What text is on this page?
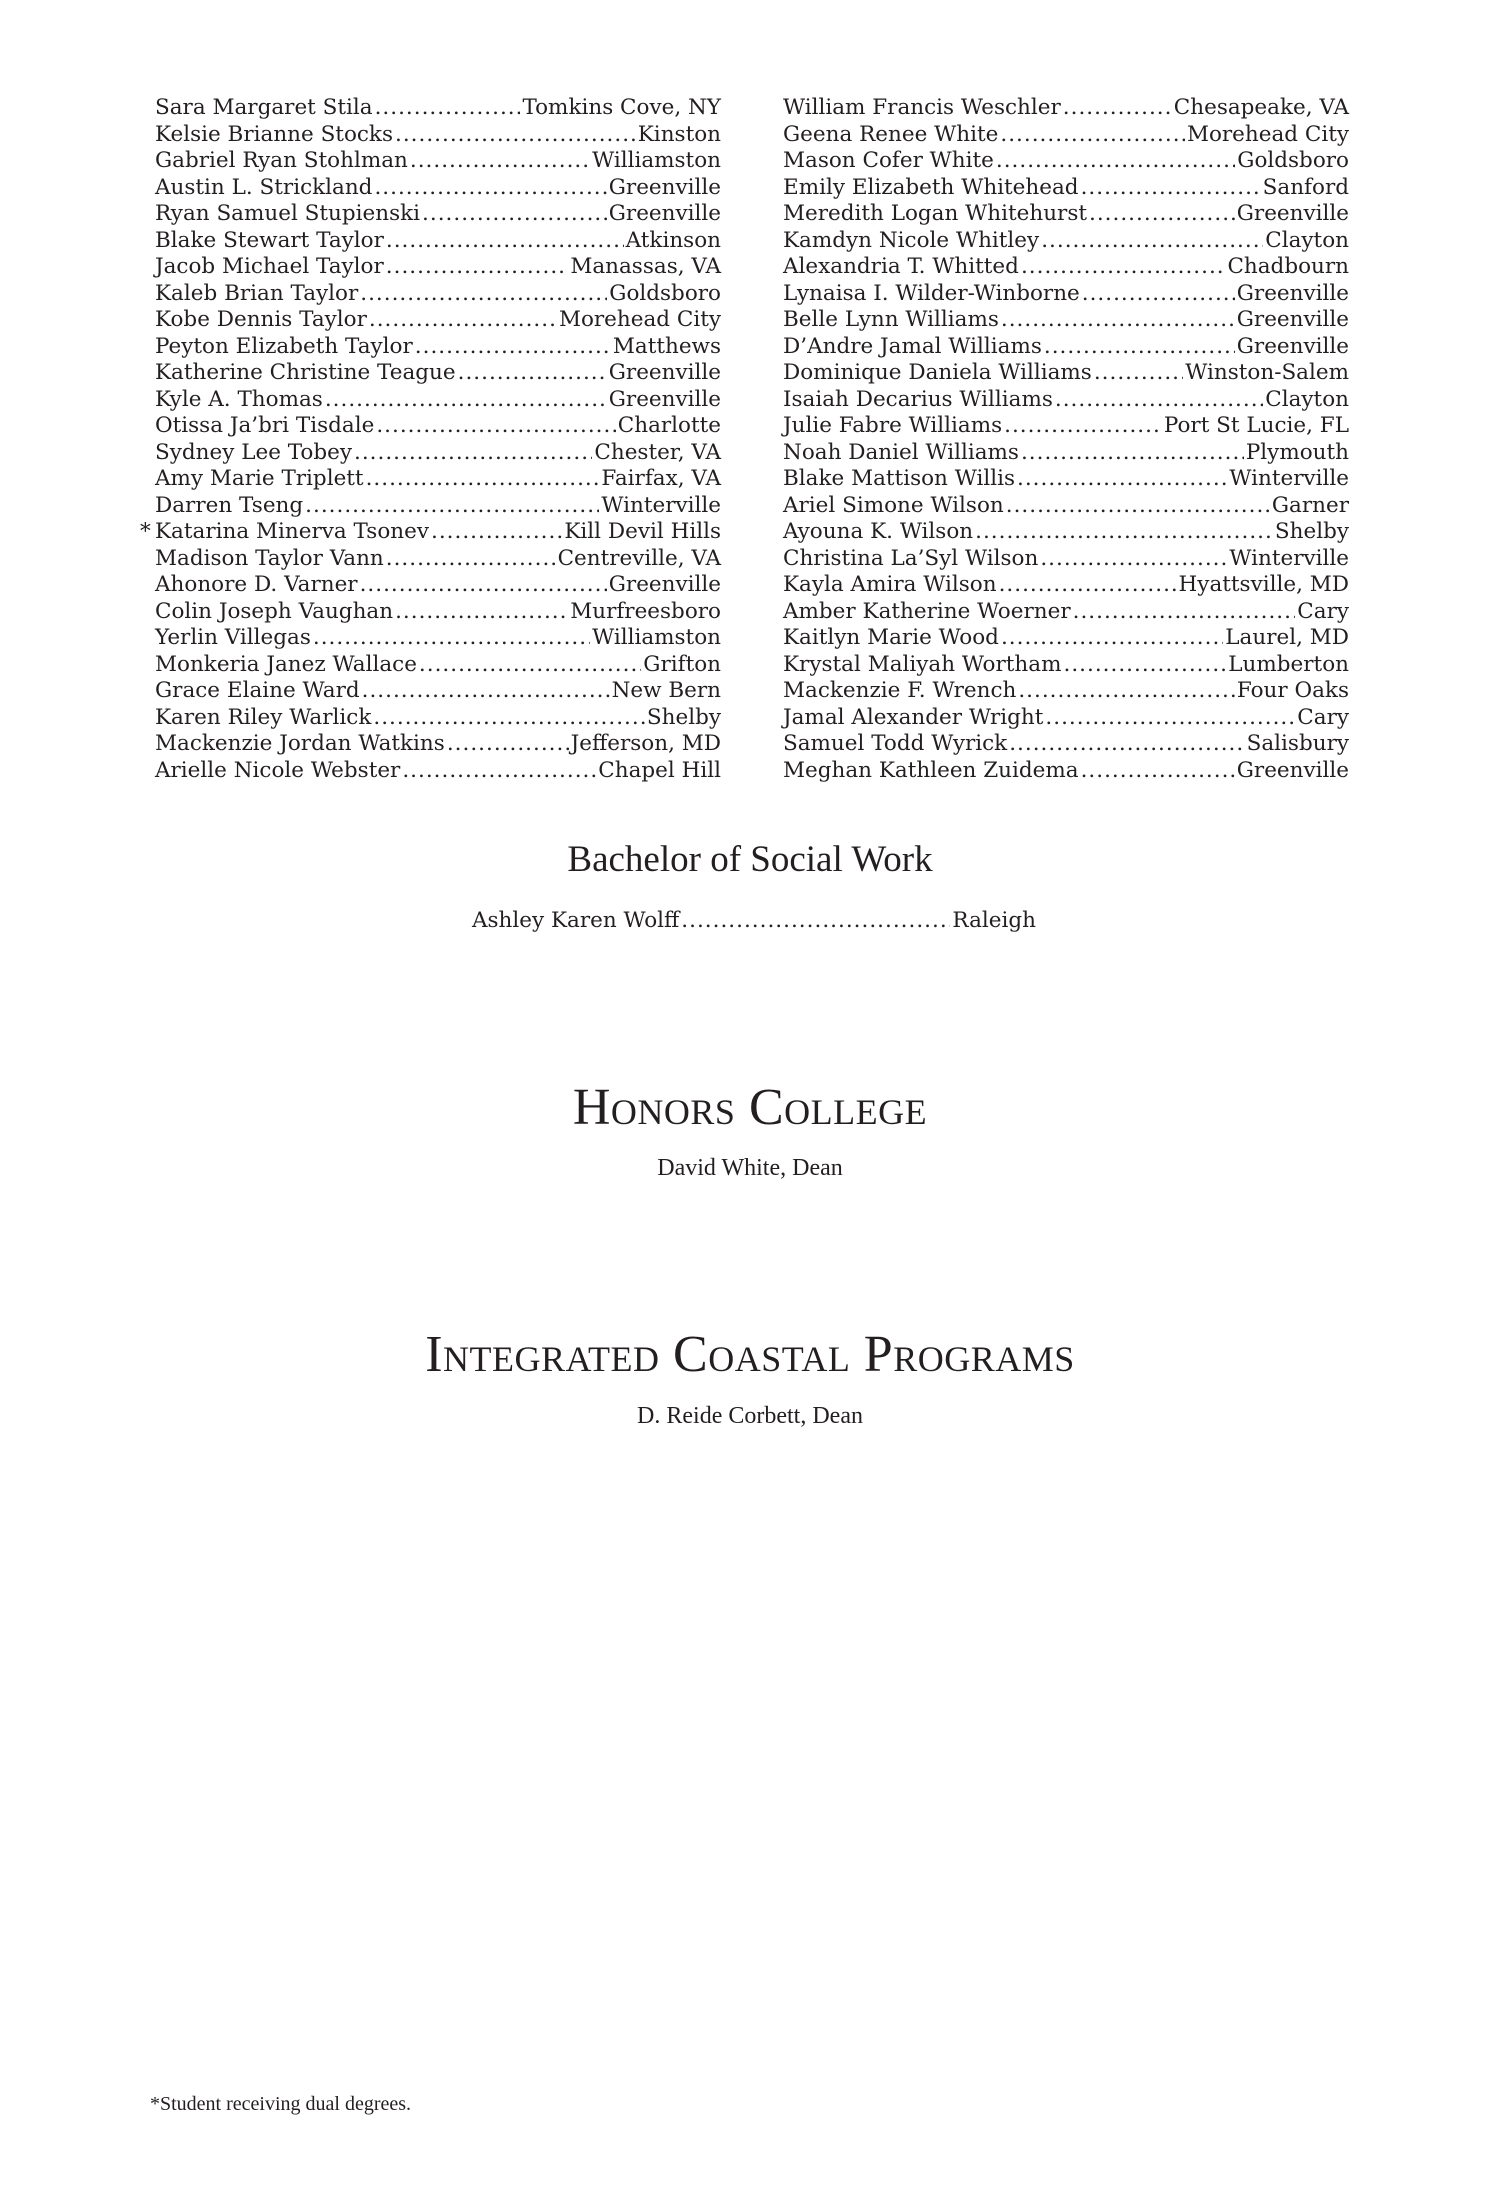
Sara Margaret Stila .....	Tomkins Cove, NY
Kelsie Brianne Stocks .....	Kinston
Gabriel Ryan Stohlman .....	Williamston
Austin L. Strickland .....	Greenville
Ryan Samuel Stupienski .....	Greenville
Blake Stewart Taylor .....	Atkinson
Jacob Michael Taylor .....	Manassas, VA
Kaleb Brian Taylor .....	Goldsboro
Kobe Dennis Taylor .....	Morehead City
Peyton Elizabeth Taylor .....	Matthews
Katherine Christine Teague .....	Greenville
Kyle A. Thomas .....	Greenville
Otissa Ja’bri Tisdale .....	Charlotte
Sydney Lee Tobey .....	Chester, VA
Amy Marie Triplett .....	Fairfax, VA
Darren Tseng .....	Winterville
* Katarina Minerva Tsonev .....	Kill Devil Hills
Madison Taylor Vann .....	Centreville, VA
Ahonore D. Varner .....	Greenville
Colin Joseph Vaughan .....	Murfreesboro
Yerlin Villegas .....	Williamston
Monkeria Janez Wallace .....	Grifton
Grace Elaine Ward .....	New Bern
Karen Riley Warlick .....	Shelby
Mackenzie Jordan Watkins .....	Jefferson, MD
Arielle Nicole Webster .....	Chapel Hill
William Francis Weschler .....	Chesapeake, VA
Geena Renee White .....	Morehead City
Mason Cofer White .....	Goldsboro
Emily Elizabeth Whitehead .....	Sanford
Meredith Logan Whitehurst .....	Greenville
Kamdyn Nicole Whitley .....	Clayton
Alexandria T. Whitted .....	Chadbourn
Lynaisa I. Wilder-Winborne .....	Greenville
Belle Lynn Williams .....	Greenville
D’Andre Jamal Williams .....	Greenville
Dominique Daniela Williams .....	Winston-Salem
Isaiah Decarius Williams .....	Clayton
Julie Fabre Williams .....	Port St Lucie, FL
Noah Daniel Williams .....	Plymouth
Blake Mattison Willis .....	Winterville
Ariel Simone Wilson .....	Garner
Ayouna K. Wilson .....	Shelby
Christina La’Syl Wilson .....	Winterville
Kayla Amira Wilson .....	Hyattsville, MD
Amber Katherine Woerner .....	Cary
Kaitlyn Marie Wood .....	Laurel, MD
Krystal Maliyah Wortham .....	Lumberton
Mackenzie F. Wrench .....	Four Oaks
Jamal Alexander Wright .....	Cary
Samuel Todd Wyrick .....	Salisbury
Meghan Kathleen Zuidema .....	Greenville
Bachelor of Social Work
Ashley Karen Wolff .....	Raleigh
Honors College
David White, Dean
Integrated Coastal Programs
D. Reide Corbett, Dean
*Student receiving dual degrees.
